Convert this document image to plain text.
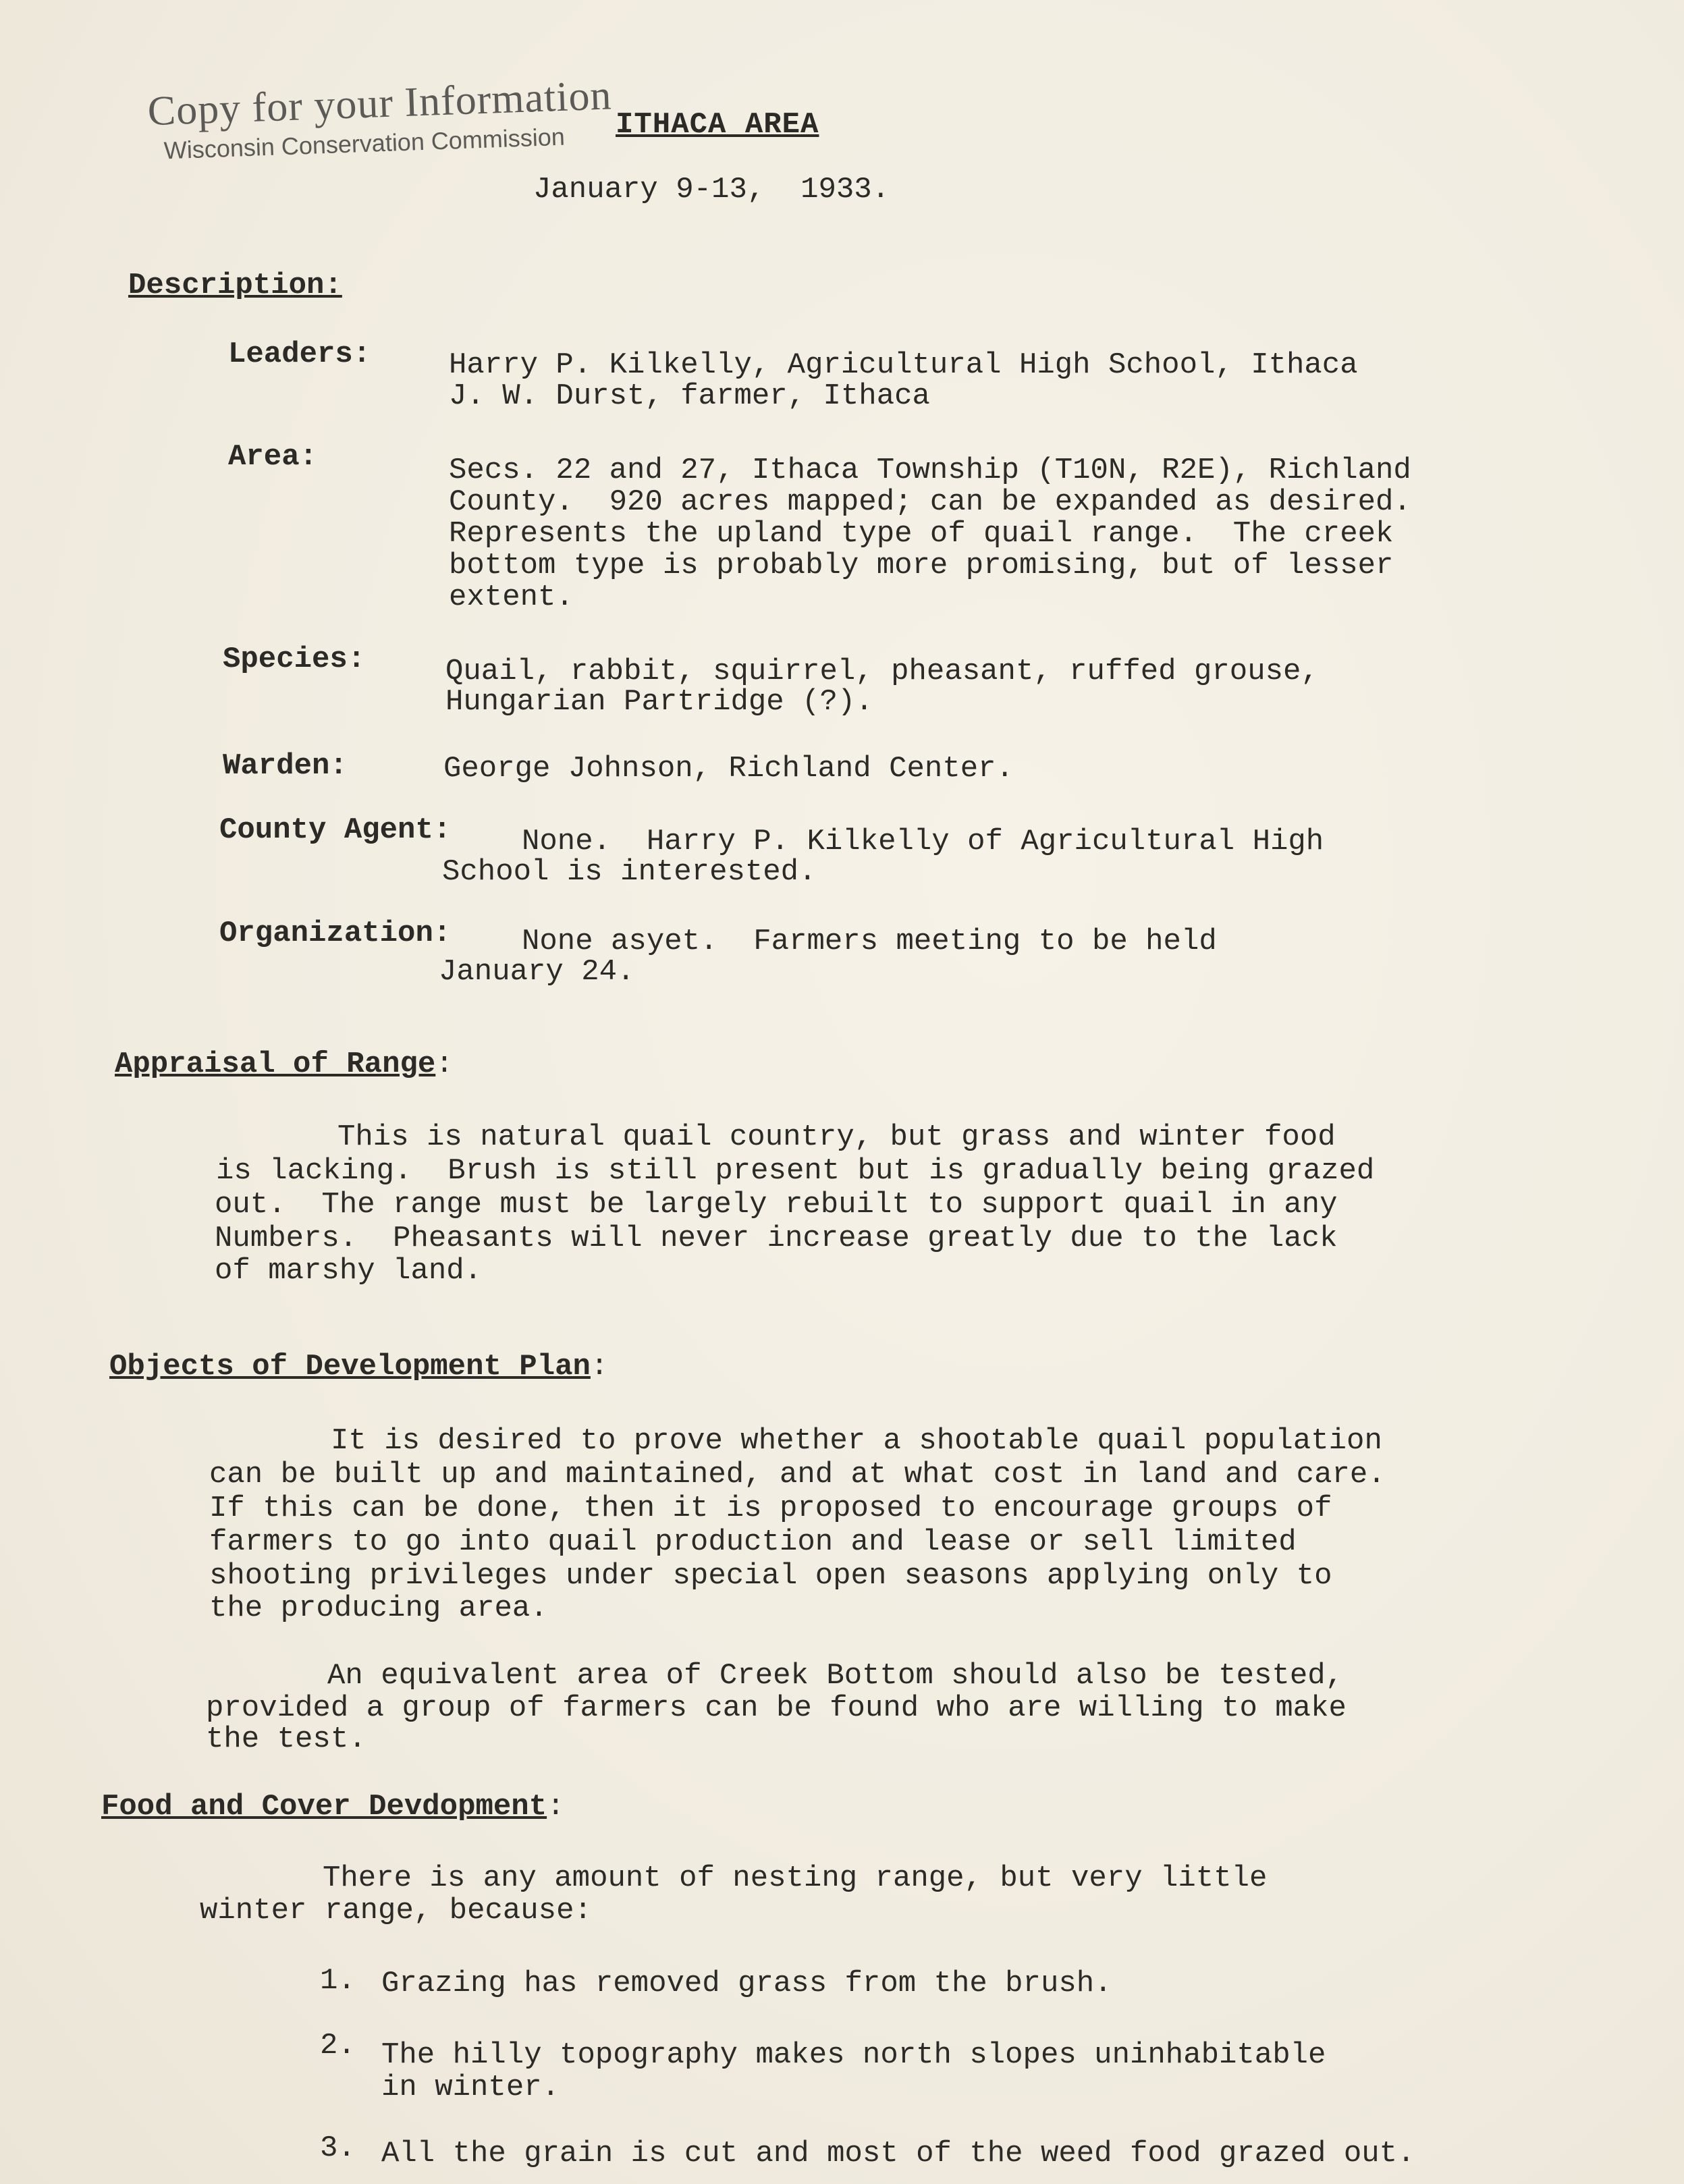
Copy for your Information
Wisconsin Conservation Commission	ITHACA AREA
January 9-13,  1933.
Description:
Leaders:	Harry P. Kilkelly, Agricultural High School, Ithaca
J. W. Durst, farmer, Ithaca
Area:	Secs. 22 and 27, Ithaca Township (T10N, R2E), Richland
County.  920 acres mapped; can be expanded as desired.
Represents the upland type of quail range.  The creek
bottom type is probably more promising, but of lesser
extent.
Species:	Quail, rabbit, squirrel, pheasant, ruffed grouse,
Hungarian Partridge (?).
Warden:	George Johnson, Richland Center.
County Agent: None.  Harry P. Kilkelly of Agricultural High
School is interested.
Organization: None asyet.  Farmers meeting to be held
January 24.
Appraisal of Range:
This is natural quail country, but grass and winter food
is lacking.  Brush is still present but is gradually being grazed
out.  The range must be largely rebuilt to support quail in any
Numbers.  Pheasants will never increase greatly due to the lack
of marshy land.
Objects of Development Plan:
It is desired to prove whether a shootable quail population
can be built up and maintained, and at what cost in land and care.
If this can be done, then it is proposed to encourage groups of
farmers to go into quail production and lease or sell limited
shooting privileges under special open seasons applying only to
the producing area.
An equivalent area of Creek Bottom should also be tested,
provided a group of farmers can be found who are willing to make
the test.
Food and Cover Devdopment:
There is any amount of nesting range, but very little
winter range, because:
1. Grazing has removed grass from the brush.
2. The hilly topography makes north slopes uninhabitable
in winter.
3. All the grain is cut and most of the weed food grazed out.
